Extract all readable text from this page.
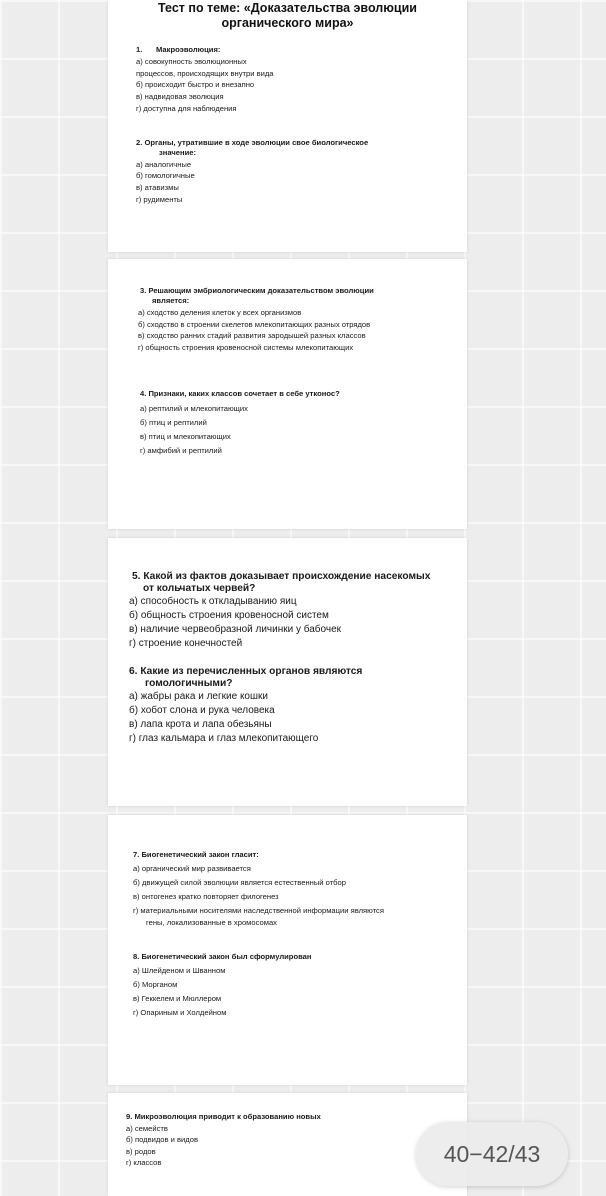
Тест по теме: «Доказательства эволюции
органического мира»
1. Макроэволюция:
а) совокупность эволюционных
процессов, происходящих внутри вида
б) происходит быстро и внезапно
в) надвидовая эволюция
г) доступна для наблюдения
2. Органы, утратившие в ходе эволюции свое биологическое
значение:
а) аналогичные
б) гомологичные
в) атавизмы
г) рудименты
3. Решающим эмбриологическим доказательством эволюции
является:
а) сходство деления клеток у всех организмов
б) сходство в строении скелетов млекопитающих разных отрядов
в) сходство ранних стадий развития зародышей разных классов
г) общность строения кровеносной системы млекопитающих
4. Признаки, каких классов сочетает в себе утконос?
а) рептилий и млекопитающих
б) птиц и рептилий
в) птиц и млекопитающих
г) амфибий и рептилий
5. Какой из фактов доказывает происхождение насекомых
от кольчатых червей?
а) способность к откладыванию яиц
б) общность строения кровеносной систем
в) наличие червеобразной личинки у бабочек
г) строение конечностей
6. Какие из перечисленных органов являются
гомологичными?
а) жабры рака и легкие кошки
б) хобот слона и рука человека
в) лапа крота и лапа обезьяны
г) глаз кальмара и глаз млекопитающего
7. Биогенетический закон гласит:
а) органический мир развивается
б) движущей силой эволюции является естественный отбор
в) онтогенез кратко повторяет филогенез
г) материальными носителями наследственной информации являются
гены, локализованные в хромосомах
8. Биогенетический закон был сформулирован
а) Шлейденом и Шванном
б) Морганом
в) Геккелем и Мюллером
г) Опариным и Холдейном
9. Микроэволюция приводит к образованию новых
а) семейств
б) подвидов и видов
в) родов
г) классов	40−42/43
